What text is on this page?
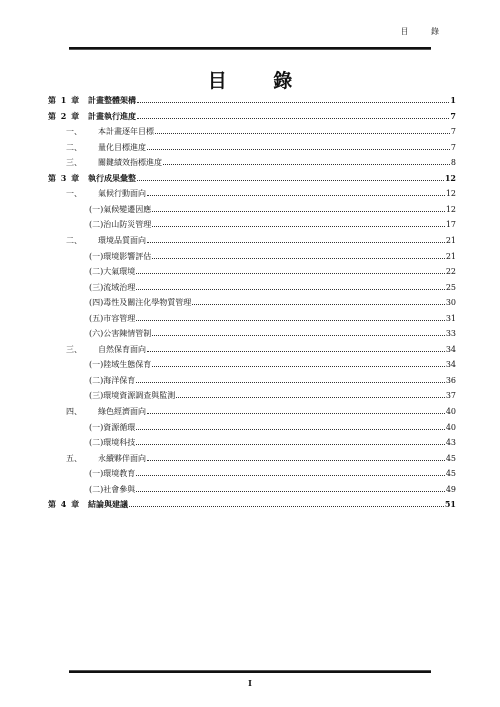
目 錄
目 錄
第 1 章 計畫整體架構	1
第 2 章 計畫執行進度	7
一、	本計畫逐年目標	7
二、	量化目標進度	7
三、	關鍵績效指標進度	8
第 3 章 執行成果彙整	12
一、	氣候行動面向	12
(一)氣候變遷因應	12
(二)治山防災管理	17
二、	環境品質面向	21
(一)環境影響評估	21
(二)大氣環境	22
(三)流域治理	25
(四)毒性及關注化學物質管理	30
(五)市容管理	31
(六)公害陳情管制	33
三、	自然保育面向	34
(一)陸域生態保育	34
(二)海洋保育	36
(三)環境資源調查與監測	37
四、	綠色經濟面向	40
(一)資源循環	40
(二)環境科技	43
五、	永續夥伴面向	45
(一)環境教育	45
(二)社會參與	49
第 4 章 結論與建議	51
I
